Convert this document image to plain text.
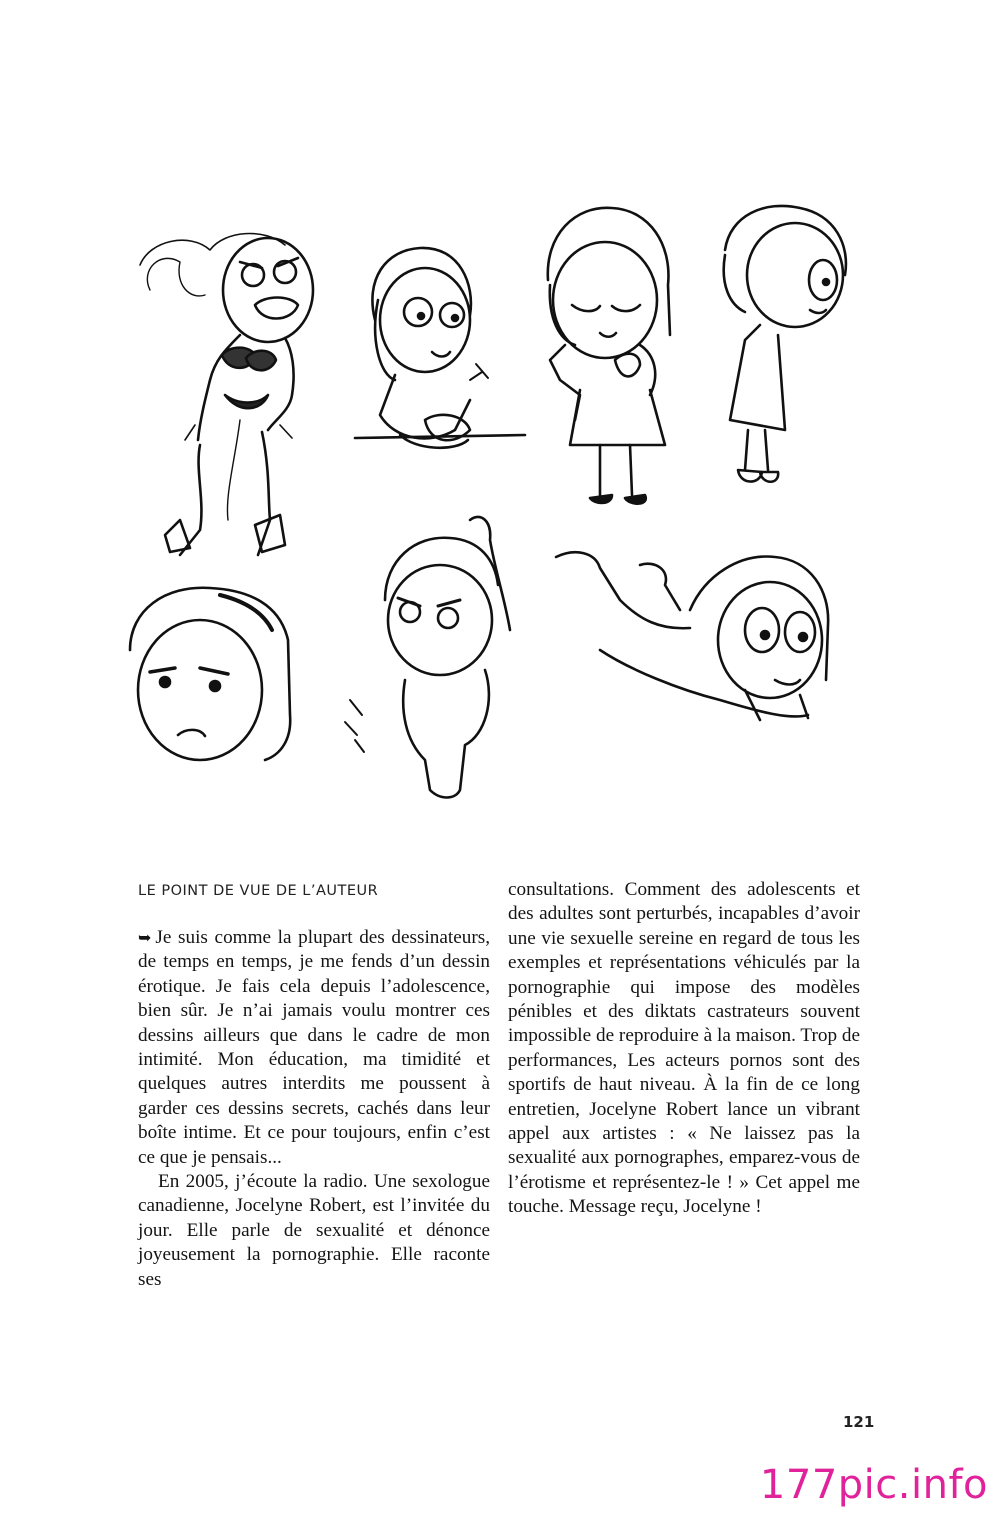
LE POINT DE VUE DE L’AUTEUR

➥ Je suis comme la plupart des dessinateurs, de temps en temps, je me fends d’un dessin érotique. Je fais cela depuis l’adolescence, bien sûr. Je n’ai jamais voulu montrer ces dessins ailleurs que dans le cadre de mon intimité. Mon éducation, ma timidité et quelques autres interdits me poussent à garder ces dessins secrets, cachés dans leur boîte intime. Et ce pour toujours, enfin c’est ce que je pensais...

En 2005, j’écoute la radio. Une sexologue canadienne, Jocelyne Robert, est l’invitée du jour. Elle parle de sexualité et dénonce joyeusement la pornographie. Elle raconte ses

consultations. Comment des adolescents et des adultes sont perturbés, incapables d’avoir une vie sexuelle sereine en regard de tous les exemples et représentations véhiculés par la pornographie qui impose des modèles pénibles et des diktats castrateurs souvent impossible de reproduire à la maison. Trop de performances, Les acteurs pornos sont des sportifs de haut niveau. À la fin de ce long entretien, Jocelyne Robert lance un vibrant appel aux artistes : « Ne laissez pas la sexualité aux pornographes, emparez-vous de l’érotisme et représentez-le ! » Cet appel me touche. Message reçu, Jocelyne !

121
177pic.info
